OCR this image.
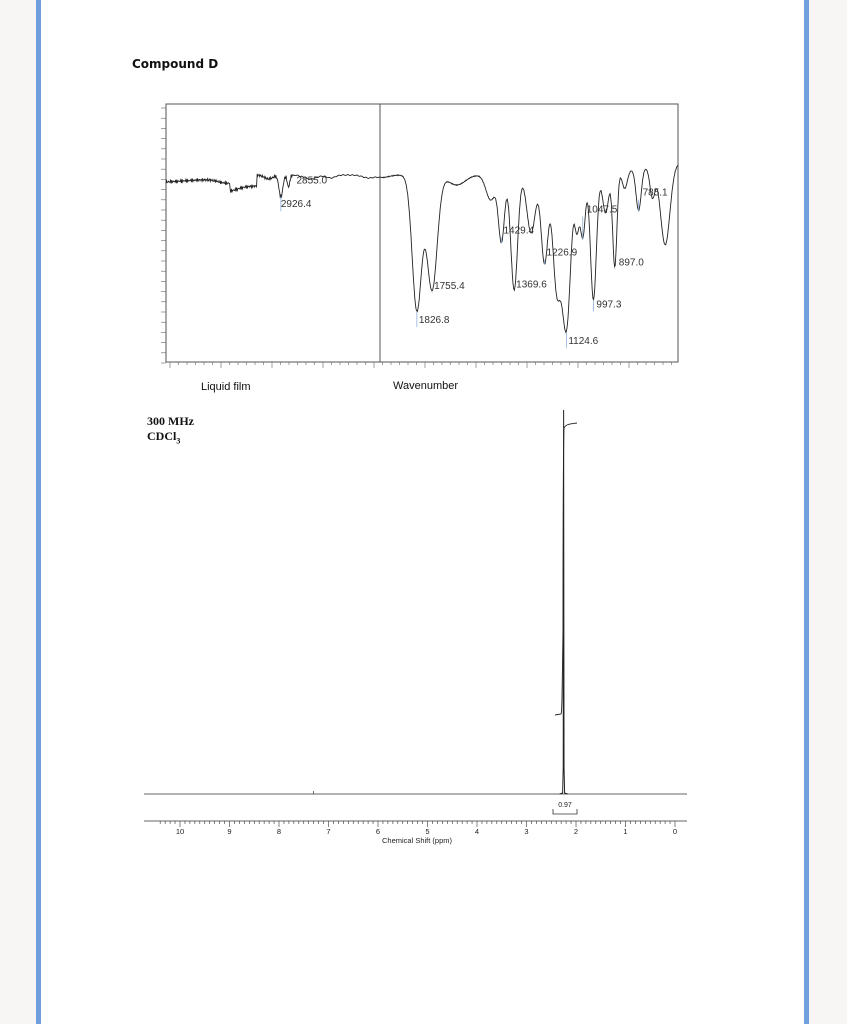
Compound D
2855.0
2926.4
1826.8
1755.4
1429.4
1369.6
1226.9
1124.6
1047.5
997.3
897.0
785.1
Liquid film	Wavenumber
300 MHz
CDCl$_3$
0.97
10	9	8	7	6	5	4	3	2	1	0
Chemical Shift (ppm)
